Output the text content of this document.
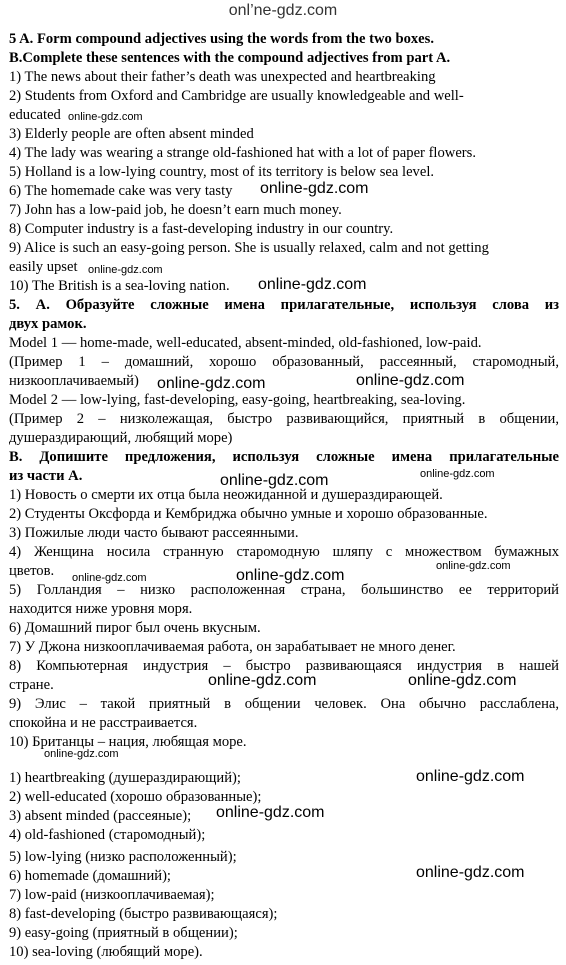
onl’ne-gdz.com
5 A. Form compound adjectives using the words from the two boxes.
B.Complete these sentences with the compound adjectives from part A.
1) The news about their father’s death was unexpected and heartbreaking
2) Students from Oxford and Cambridge are usually knowledgeable and well-
educated
3) Elderly people are often absent minded
4) The lady was wearing a strange old-fashioned hat with a lot of paper flowers.
5) Holland is a low-lying country, most of its territory is below sea level.
6) The homemade cake was very tasty
7) John has a low-paid job, he doesn’t earn much money.
8) Computer industry is a fast-developing industry in our country.
9) Alice is such an easy-going person. She is usually relaxed, calm and not getting
easily upset
10) The British is a sea-loving nation.
5. А. Образуйте сложные имена прилагательные, используя слова из
двух рамок.
Model 1 — home-made, well-educated, absent-minded, old-fashioned, low-paid.
(Пример 1 – домашний, хорошо образованный, рассеянный, старомодный,
низкооплачиваемый)
Model 2 — low-lying, fast-developing, easy-going, heartbreaking, sea-loving.
(Пример 2 – низколежащая, быстро развивающийся, приятный в общении,
душераздирающий, любящий море)
В. Допишите предложения, используя сложные имена прилагательные
из части А.
1) Новость о смерти их отца была неожиданной и душераздирающей.
2) Студенты Оксфорда и Кембриджа обычно умные и хорошо образованные.
3) Пожилые люди часто бывают рассеянными.
4) Женщина носила странную старомодную шляпу с множеством бумажных
цветов.
5) Голландия – низко расположенная страна, большинство ее территорий
находится ниже уровня моря.
6) Домашний пирог был очень вкусным.
7) У Джона низкооплачиваемая работа, он зарабатывает не много денег.
8) Компьютерная индустрия – быстро развивающаяся индустрия в нашей
стране.
9) Элис – такой приятный в общении человек. Она обычно расслаблена,
спокойна и не расстраивается.
10) Британцы – нация, любящая море.
1) heartbreaking (душераздирающий);
2) well-educated (хорошо образованные);
3) absent minded (рассеяные);
4) old-fashioned (старомодный);
5) low-lying (низко расположенный);
6) homemade (домашний);
7) low-paid (низкооплачиваемая);
8) fast-developing (быстро развивающаяся);
9) easy-going (приятный в общении);
10) sea-loving (любящий море).
online-gdz.com
online-gdz.com
online-gdz.com
online-gdz.com
online-gdz.com	online-gdz.com
online-gdz.com	online-gdz.com
online-gdz.com	online-gdz.com
online-gdz.com
online-gdz.com	online-gdz.com
online-gdz.com
online-gdz.com
online-gdz.com
online-gdz.com
